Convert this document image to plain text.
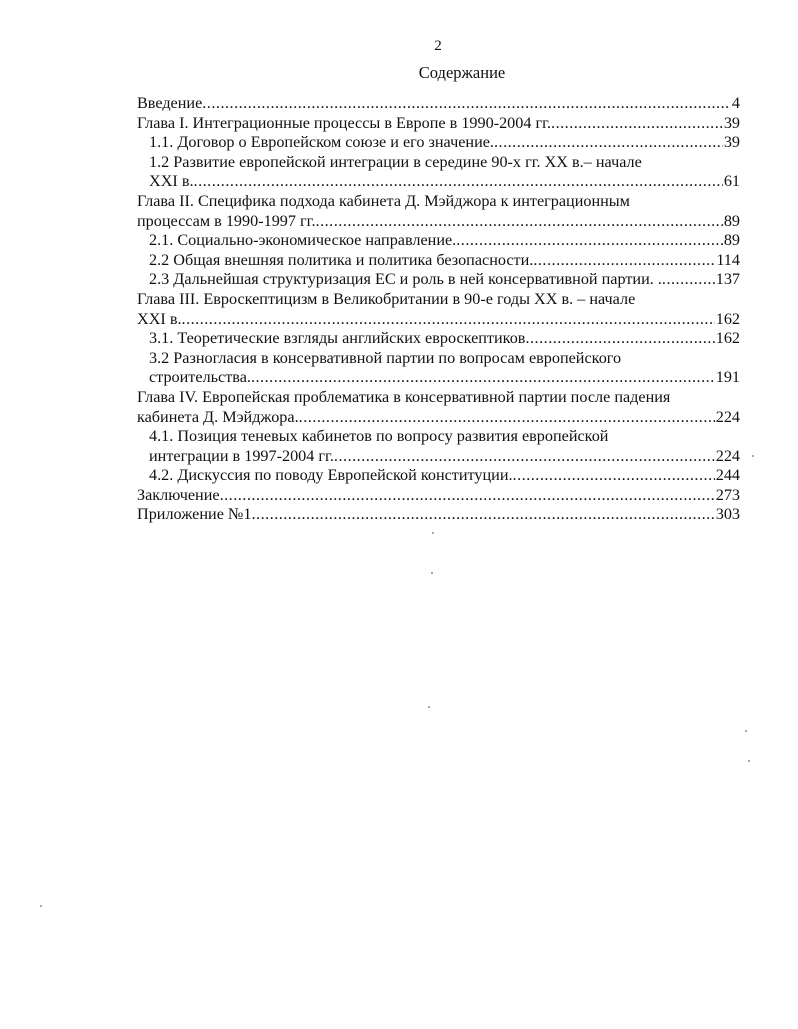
2
Содержание
Введение .....	4
Глава I. Интеграционные процессы в Европе в 1990-2004 гг. .....	39
1.1. Договор о Европейском союзе и его значение. .....	39
1.2 Развитие европейской интеграции в середине 90-х гг. XX в.– начале
XXI в. .....	61
Глава II. Специфика подхода кабинета Д. Мэйджора к интеграционным
процессам в 1990-1997 гг. .....	89
2.1. Социально-экономическое направление. .....	89
2.2 Общая внешняя политика и политика безопасности. .....	114
2.3 Дальнейшая структуризация ЕС и роль в ней консервативной партии. . .....	137
Глава III. Евроскептицизм в Великобритании в 90-е годы XX в. – начале
XXI в. .....	162
3.1. Теоретические взгляды английских евроскептиков .....	162
3.2 Разногласия в консервативной партии по вопросам европейского
строительства. .....	191
Глава IV. Европейская проблематика в консервативной партии после падения
кабинета Д. Мэйджора. .....	224
4.1. Позиция теневых кабинетов по вопросу развития европейской
интеграции в 1997-2004 гг. .....	224
4.2. Дискуссия по поводу Европейской конституции. .....	244
Заключение .....	273
Приложение №1 .....	303
